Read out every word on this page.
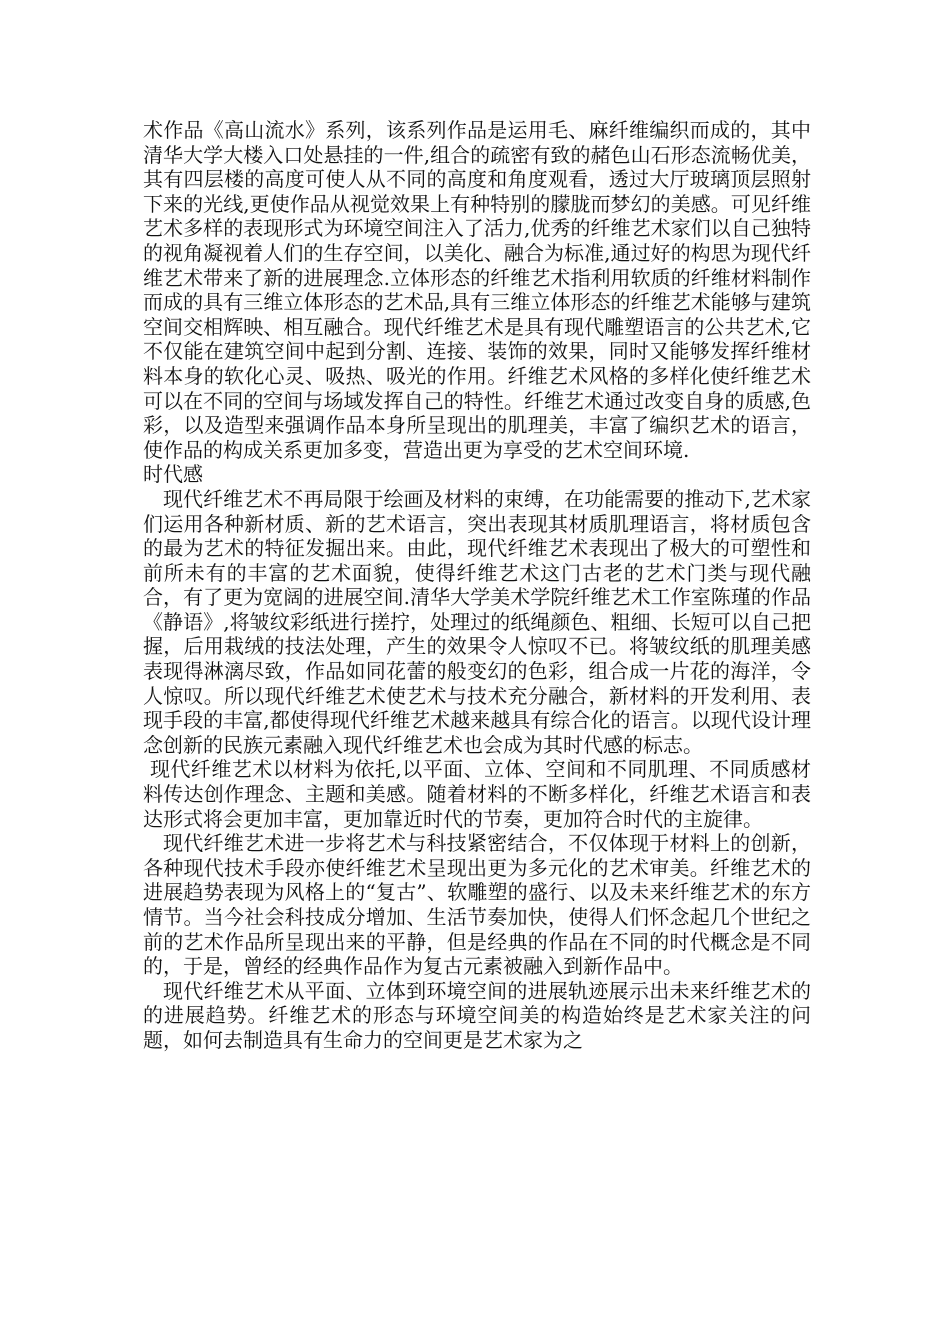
术作品《高山流水》系列，该系列作品是运用毛、麻纤维编织而成的，其中清华大学大楼入口处悬挂的一件,组合的疏密有致的赭色山石形态流畅优美，其有四层楼的高度可使人从不同的高度和角度观看，透过大厅玻璃顶层照射下来的光线,更使作品从视觉效果上有种特别的朦胧而梦幻的美感。可见纤维艺术多样的表现形式为环境空间注入了活力,优秀的纤维艺术家们以自己独特的视角凝视着人们的生存空间，以美化、融合为标准,通过好的构思为现代纤维艺术带来了新的进展理念.立体形态的纤维艺术指利用软质的纤维材料制作而成的具有三维立体形态的艺术品,具有三维立体形态的纤维艺术能够与建筑空间交相辉映、相互融合。现代纤维艺术是具有现代雕塑语言的公共艺术,它不仅能在建筑空间中起到分割、连接、装饰的效果，同时又能够发挥纤维材料本身的软化心灵、吸热、吸光的作用。纤维艺术风格的多样化使纤维艺术可以在不同的空间与场域发挥自己的特性。纤维艺术通过改变自身的质感,色彩，以及造型来强调作品本身所呈现出的肌理美，丰富了编织艺术的语言，使作品的构成关系更加多变，营造出更为享受的艺术空间环境.

时代感

现代纤维艺术不再局限于绘画及材料的束缚，在功能需要的推动下,艺术家们运用各种新材质、新的艺术语言，突出表现其材质肌理语言，将材质包含的最为艺术的特征发掘出来。由此，现代纤维艺术表现出了极大的可塑性和前所未有的丰富的艺术面貌，使得纤维艺术这门古老的艺术门类与现代融合，有了更为宽阔的进展空间.清华大学美术学院纤维艺术工作室陈瑾的作品《静语》,将皱纹彩纸进行搓拧，处理过的纸绳颜色、粗细、长短可以自己把握，后用栽绒的技法处理，产生的效果令人惊叹不已。将皱纹纸的肌理美感表现得淋漓尽致，作品如同花蕾的般变幻的色彩，组合成一片花的海洋，令人惊叹。所以现代纤维艺术使艺术与技术充分融合，新材料的开发利用、表现手段的丰富,都使得现代纤维艺术越来越具有综合化的语言。以现代设计理念创新的民族元素融入现代纤维艺术也会成为其时代感的标志。

现代纤维艺术以材料为依托,以平面、立体、空间和不同肌理、不同质感材料传达创作理念、主题和美感。随着材料的不断多样化，纤维艺术语言和表达形式将会更加丰富，更加靠近时代的节奏，更加符合时代的主旋律。

现代纤维艺术进一步将艺术与科技紧密结合，不仅体现于材料上的创新，各种现代技术手段亦使纤维艺术呈现出更为多元化的艺术审美。纤维艺术的进展趋势表现为风格上的“复古”、软雕塑的盛行、以及未来纤维艺术的东方情节。当今社会科技成分增加、生活节奏加快，使得人们怀念起几个世纪之前的艺术作品所呈现出来的平静，但是经典的作品在不同的时代概念是不同的，于是，曾经的经典作品作为复古元素被融入到新作品中。

现代纤维艺术从平面、立体到环境空间的进展轨迹展示出未来纤维艺术的的进展趋势。纤维艺术的形态与环境空间美的构造始终是艺术家关注的问题，如何去制造具有生命力的空间更是艺术家为之
